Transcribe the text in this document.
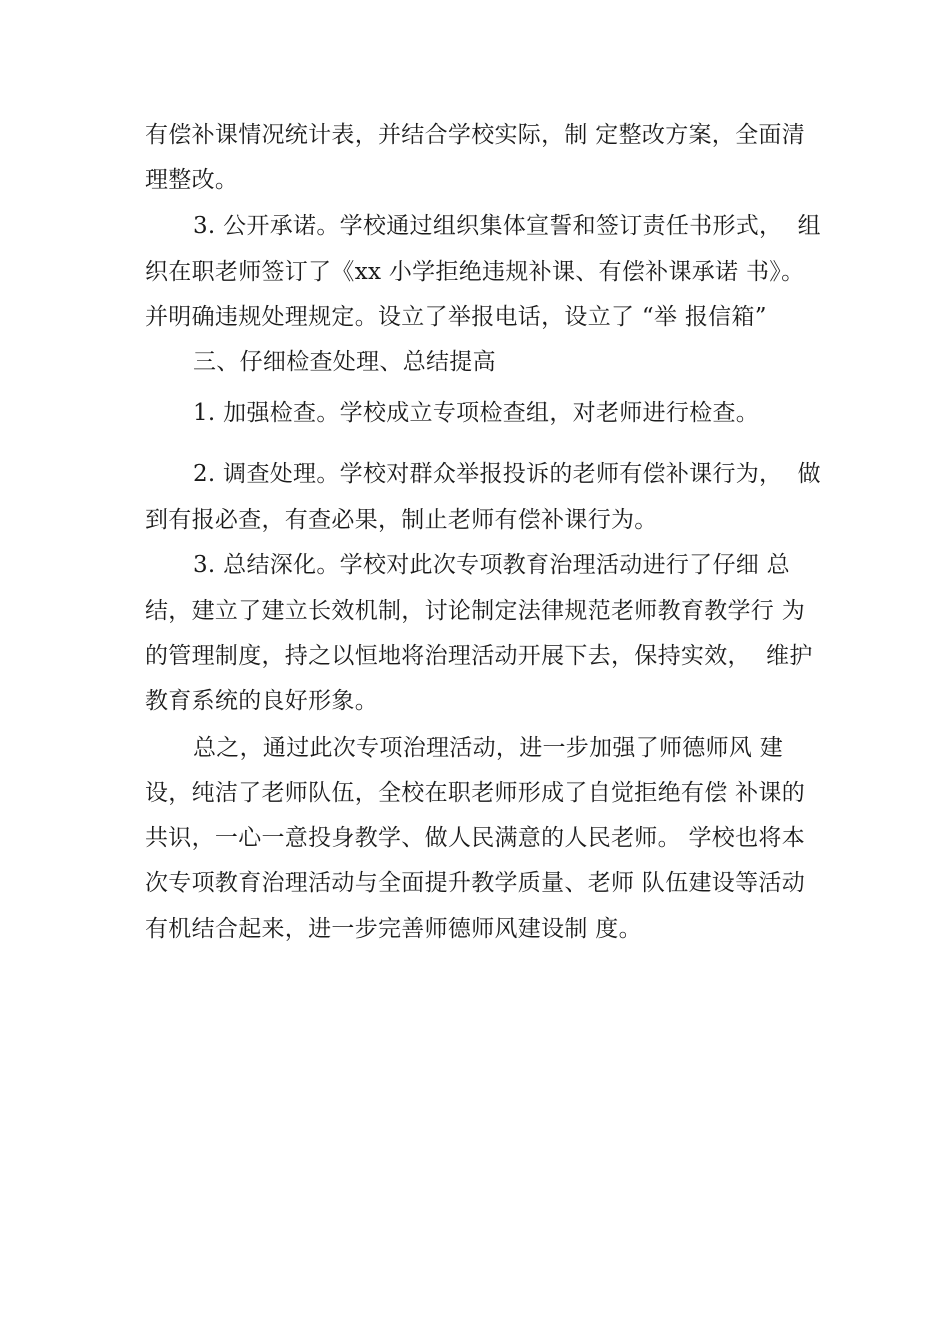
有偿补课情况统计表，并结合学校实际，制 定整改方案，全面清
理整改。
3. 公开承诺。学校通过组织集体宣誓和签订责任书形式，  组
织在职老师签订了《xx 小学拒绝违规补课、有偿补课承诺 书》。
并明确违规处理规定。设立了举报电话，设立了 “举 报信箱”
三、仔细检查处理、总结提高
1. 加强检查。学校成立专项检查组，对老师进行检查。
2. 调查处理。学校对群众举报投诉的老师有偿补课行为，  做
到有报必查，有查必果，制止老师有偿补课行为。
3. 总结深化。学校对此次专项教育治理活动进行了仔细 总
结，建立了建立长效机制，讨论制定法律规范老师教育教学行 为
的管理制度，持之以恒地将治理活动开展下去，保持实效，  维护
教育系统的良好形象。
总之，通过此次专项治理活动，进一步加强了师德师风 建
设，纯洁了老师队伍，全校在职老师形成了自觉拒绝有偿 补课的
共识，一心一意投身教学、做人民满意的人民老师。 学校也将本
次专项教育治理活动与全面提升教学质量、老师 队伍建设等活动
有机结合起来，进一步完善师德师风建设制 度。
